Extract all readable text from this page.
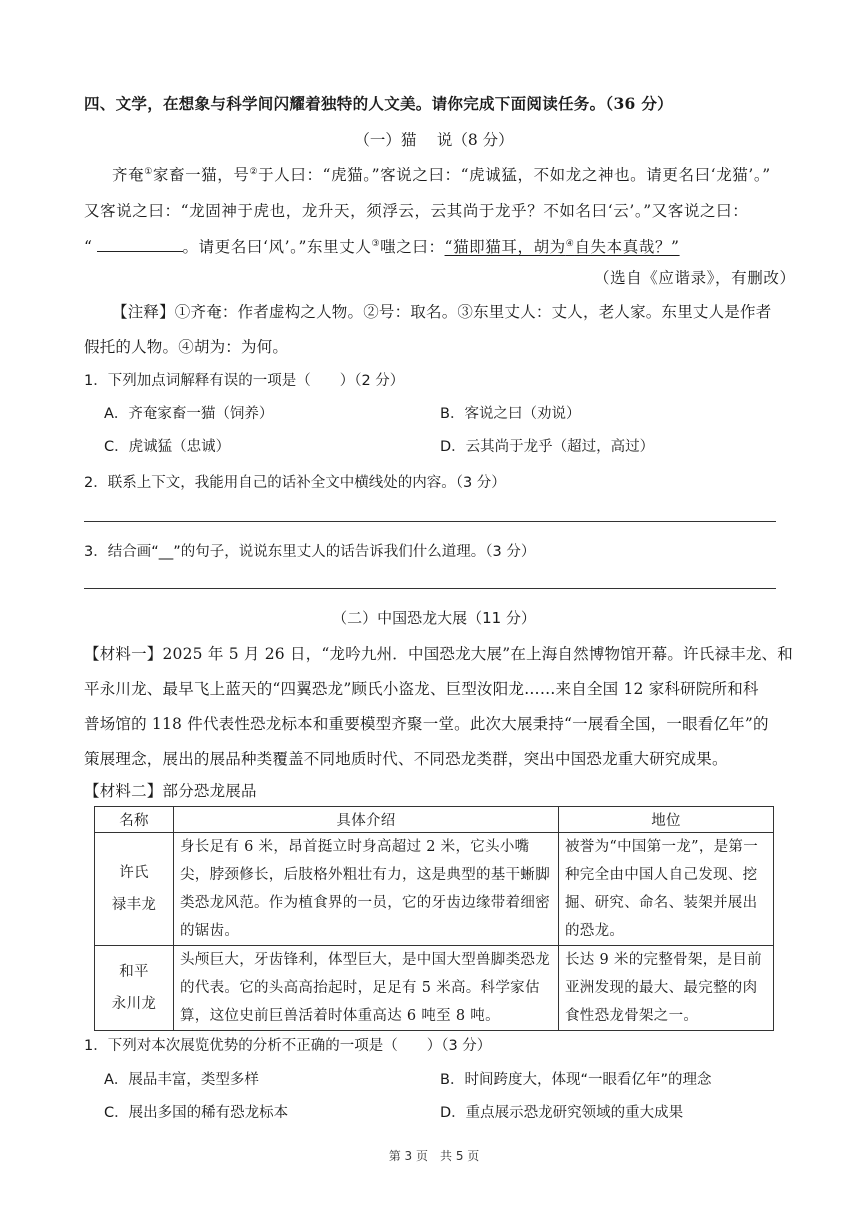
四、文学，在想象与科学间闪耀着独特的人文美。请你完成下面阅读任务。（36 分）
（一）猫　 说（8 分）
齐奄①家畜一猫，号②于人曰：“虎猫。”客说之曰：“虎诚猛，不如龙之神也。请更名曰‘龙猫’。”
又客说之曰：“龙固神于虎也，龙升天，须浮云，云其尚于龙乎？不如名曰‘云’。”又客说之曰：
“	。请更名曰‘风’。”东里丈人③嗤之曰：“猫即猫耳，胡为④自失本真哉？”
（选自《应谐录》，有删改）
【注释】①齐奄：作者虚构之人物。②号：取名。③东里丈人：丈人，老人家。东里丈人是作者
假托的人物。④胡为：为何。
1．下列加点词解释有误的一项是（　　）（2 分）
A．齐奄家畜一猫（饲养）	B．客说之曰（劝说）
C．虎诚猛（忠诚）	D．云其尚于龙乎（超过，高过）
2．联系上下文，我能用自己的话补全文中横线处的内容。（3 分）
3．结合画“__”的句子，说说东里丈人的话告诉我们什么道理。（3 分）
（二）中国恐龙大展（11 分）
【材料一】2025 年 5 月 26 日，“龙吟九州．中国恐龙大展”在上海自然博物馆开幕。许氏禄丰龙、和
平永川龙、最早飞上蓝天的“四翼恐龙”顾氏小盗龙、巨型汝阳龙……来自全国 12 家科研院所和科
普场馆的 118 件代表性恐龙标本和重要模型齐聚一堂。此次大展秉持“一展看全国，一眼看亿年”的
策展理念，展出的展品种类覆盖不同地质时代、不同恐龙类群，突出中国恐龙重大研究成果。
【材料二】部分恐龙展品
名称	具体介绍	地位
许氏
禄丰龙	身长足有 6 米，昂首挺立时身高超过 2 米，它头小嘴尖，脖颈修长，后肢格外粗壮有力，这是典型的基干蜥脚类恐龙风范。作为植食界的一员，它的牙齿边缘带着细密的锯齿。	被誉为“中国第一龙”，是第一种完全由中国人自己发现、挖掘、研究、命名、装架并展出的恐龙。
和平
永川龙	头颅巨大，牙齿锋利，体型巨大，是中国大型兽脚类恐龙的代表。它的头高高抬起时，足足有 5 米高。科学家估算，这位史前巨兽活着时体重高达 6 吨至 8 吨。	长达 9 米的完整骨架，是目前亚洲发现的最大、最完整的肉食性恐龙骨架之一。
1．下列对本次展览优势的分析不正确的一项是（　　）（3 分）
A．展品丰富，类型多样	B．时间跨度大，体现“一眼看亿年”的理念
C．展出多国的稀有恐龙标本	D．重点展示恐龙研究领域的重大成果
第 3 页　共 5 页
